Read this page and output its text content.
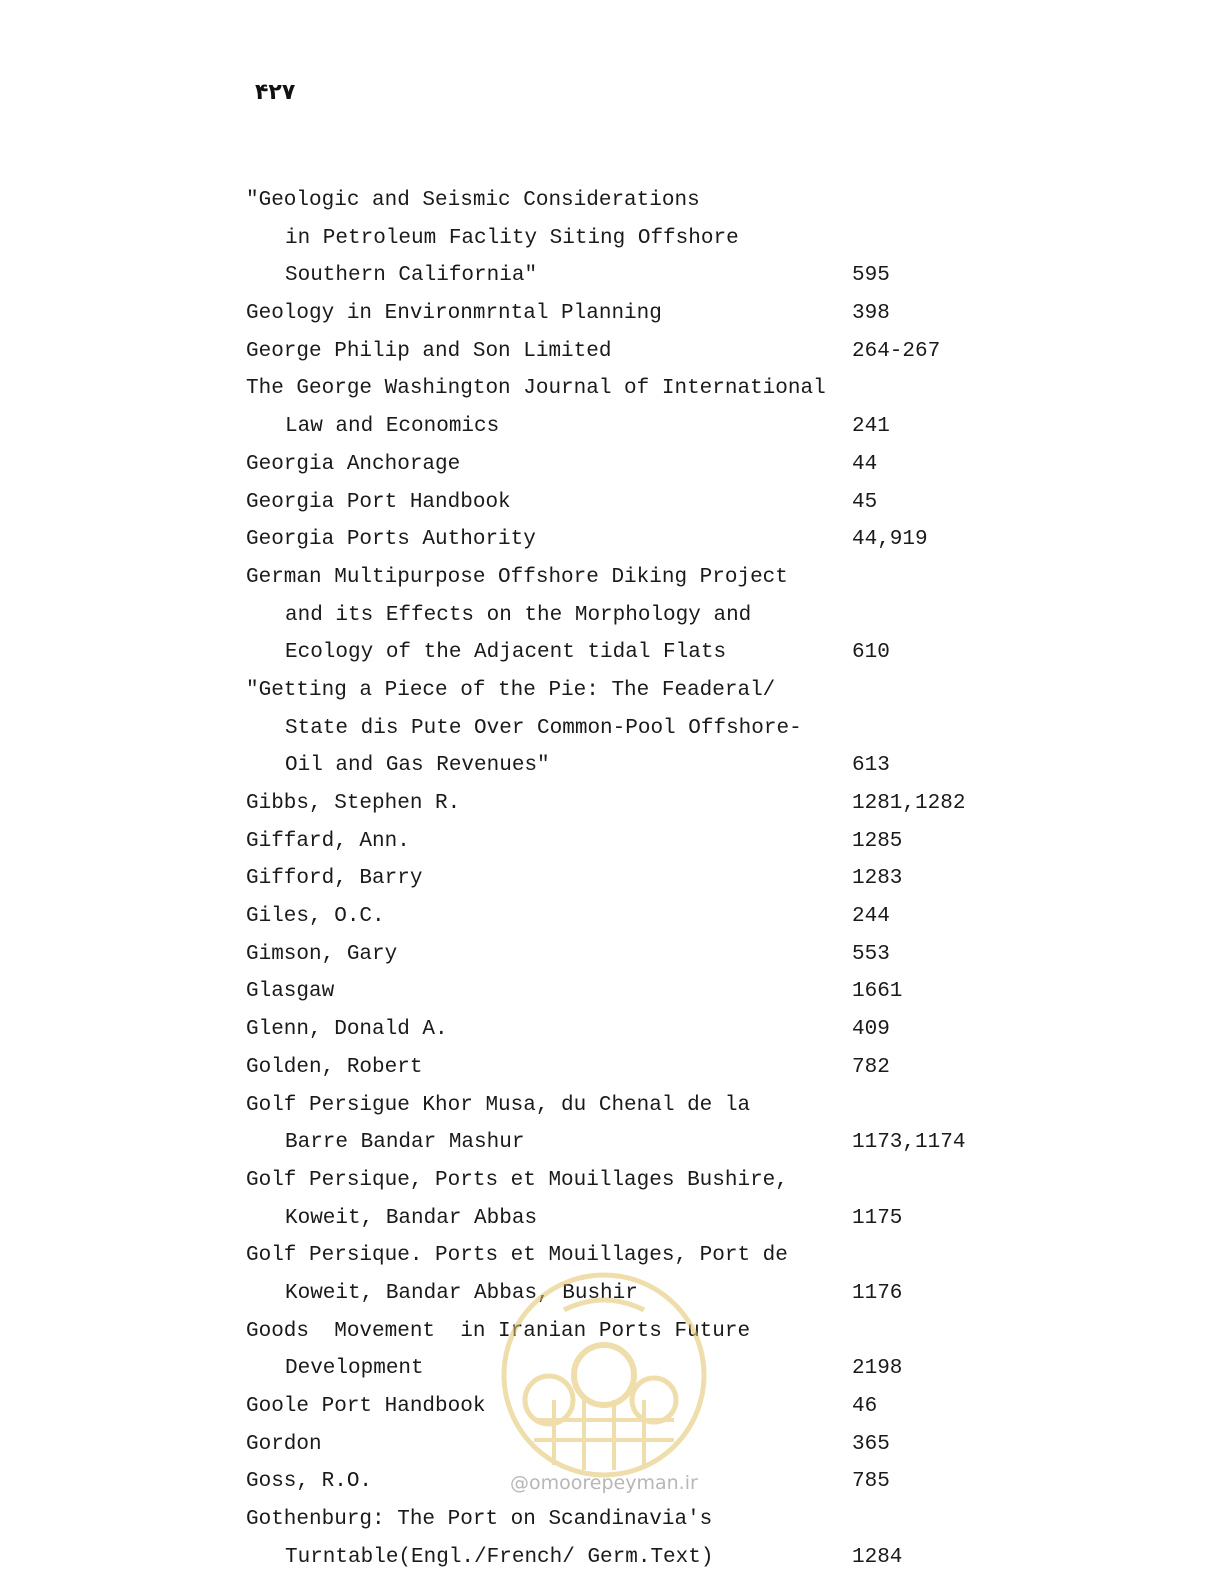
۴۲۷
"Geologic and Seismic Considerations
in Petroleum Faclity Siting Offshore
Southern California"	595
Geology in Environmrntal Planning	398
George Philip and Son Limited	264-267
The George Washington Journal of International
Law and Economics	241
Georgia Anchorage	44
Georgia Port Handbook	45
Georgia Ports Authority	44,919
German Multipurpose Offshore Diking Project
and its Effects on the Morphology and
Ecology of the Adjacent tidal Flats	610
"Getting a Piece of the Pie: The Feaderal/
State dis Pute Over Common-Pool Offshore-
Oil and Gas Revenues"	613
Gibbs, Stephen R.	1281,1282
Giffard, Ann.	1285
Gifford, Barry	1283
Giles, O.C.	244
Gimson, Gary	553
Glasgaw	1661
Glenn, Donald A.	409
Golden, Robert	782
Golf Persigue Khor Musa, du Chenal de la
Barre Bandar Mashur	1173,1174
Golf Persique, Ports et Mouillages Bushire,
Koweit, Bandar Abbas	1175
Golf Persique. Ports et Mouillages, Port de
Koweit, Bandar Abbas, Bushir	1176
Goods  Movement  in Iranian Ports Future
Development	2198
Goole Port Handbook	46
Gordon	365
Goss, R.O.	785
Gothenburg: The Port on Scandinavia's
Turntable(Engl./French/ Germ.Text)	1284
@omoorepeyman.ir
